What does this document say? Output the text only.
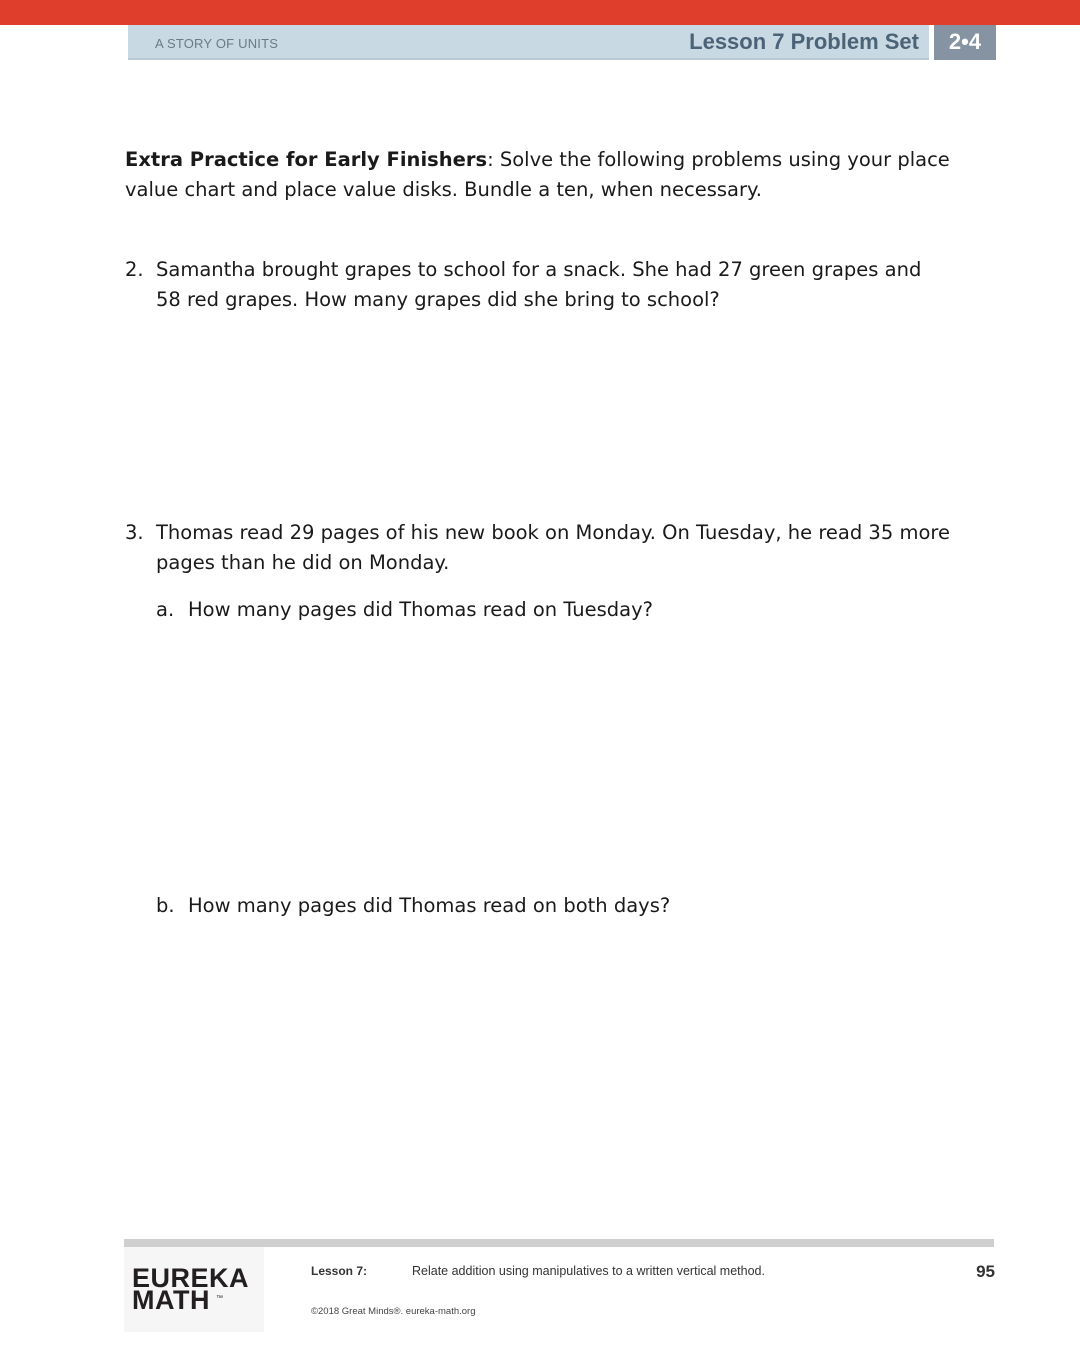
A STORY OF UNITS	Lesson 7 Problem Set	2•4
Extra Practice for Early Finishers: Solve the following problems using your place
value chart and place value disks. Bundle a ten, when necessary.
2. Samantha brought grapes to school for a snack. She had 27 green grapes and
58 red grapes. How many grapes did she bring to school?
3. Thomas read 29 pages of his new book on Monday. On Tuesday, he read 35 more
pages than he did on Monday.
a. How many pages did Thomas read on Tuesday?
b. How many pages did Thomas read on both days?
EUREKA
MATH ™
Lesson 7:	Relate addition using manipulatives to a written vertical method.	95
©2018 Great Minds®. eureka-math.org
